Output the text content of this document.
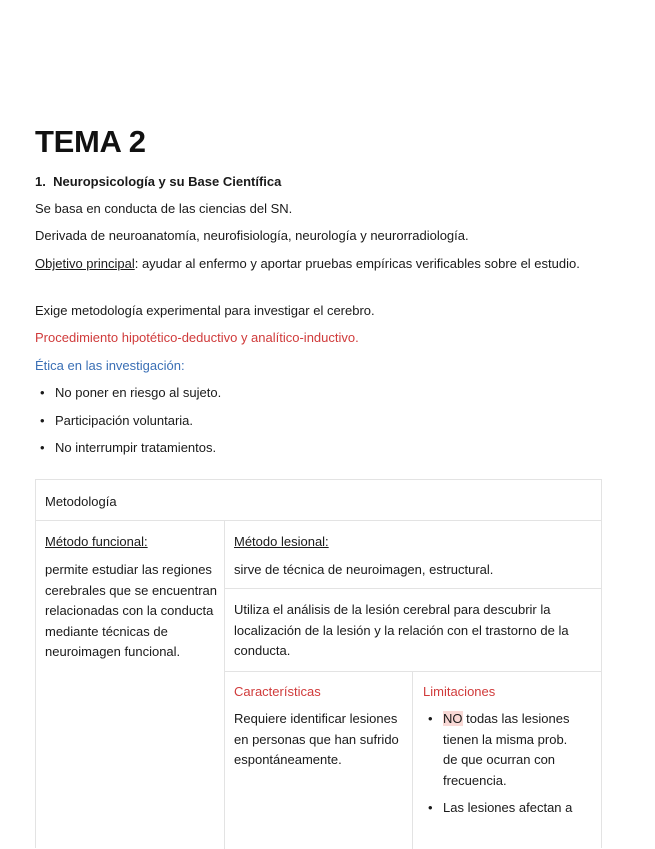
TEMA 2

1. Neuropsicología y su Base Científica

Se basa en conducta de las ciencias del SN.

Derivada de neuroanatomía, neurofisiología, neurología y neurorradiología.

Objetivo principal: ayudar al enfermo y aportar pruebas empíricas verificables sobre el estudio.

Exige metodología experimental para investigar el cerebro.

Procedimiento hipotético-deductivo y analítico-inductivo.

Ética en las investigación:

• No poner en riesgo al sujeto.
• Participación voluntaria.
• No interrumpir tratamientos.
Metodología
Método funcional:
permite estudiar las regiones cerebrales que se encuentran relacionadas con la conducta mediante técnicas de neuroimagen funcional.
Método lesional:
sirve de técnica de neuroimagen, estructural.
Utiliza el análisis de la lesión cerebral para descubrir la localización de la lesión y la relación con el trastorno de la conducta.
Características
Requiere identificar lesiones en personas que han sufrido espontáneamente.
Limitaciones
• NO todas las lesiones tienen la misma prob. de que ocurran con frecuencia.
• Las lesiones afectan a
